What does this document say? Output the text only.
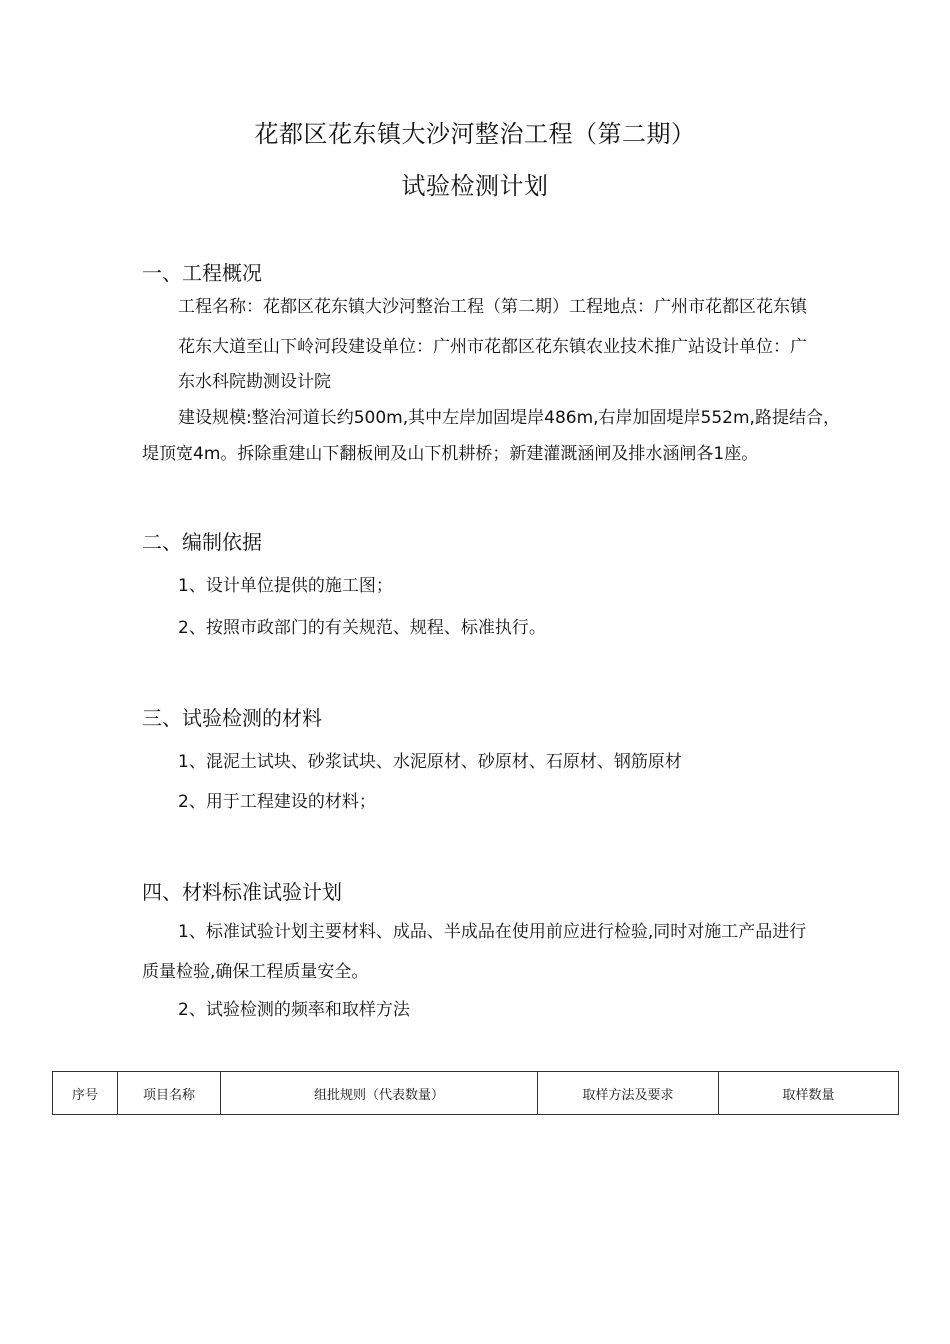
花都区花东镇大沙河整治工程（第二期）
试验检测计划
一、工程概况
工程名称：花都区花东镇大沙河整治工程（第二期）工程地点：广州市花都区花东镇
花东大道至山下岭河段建设单位：广州市花都区花东镇农业技术推广站设计单位：广
东水科院勘测设计院
建设规模:整治河道长约500m,其中左岸加固堤岸486m,右岸加固堤岸552m,路提结合，
堤顶宽4m。拆除重建山下翻板闸及山下机耕桥；新建灌溉涵闸及排水涵闸各1座。
二、编制依据
1、设计单位提供的施工图；
2、按照市政部门的有关规范、规程、标准执行。
三、试验检测的材料
1、混泥土试块、砂浆试块、水泥原材、砂原材、石原材、钢筋原材
2、用于工程建设的材料；
四、材料标准试验计划
1、标准试验计划主要材料、成品、半成品在使用前应进行检验,同时对施工产品进行
质量检验,确保工程质量安全。
2、试验检测的频率和取样方法
序号	项目名称	组批规则（代表数量）	取样方法及要求	取样数量
